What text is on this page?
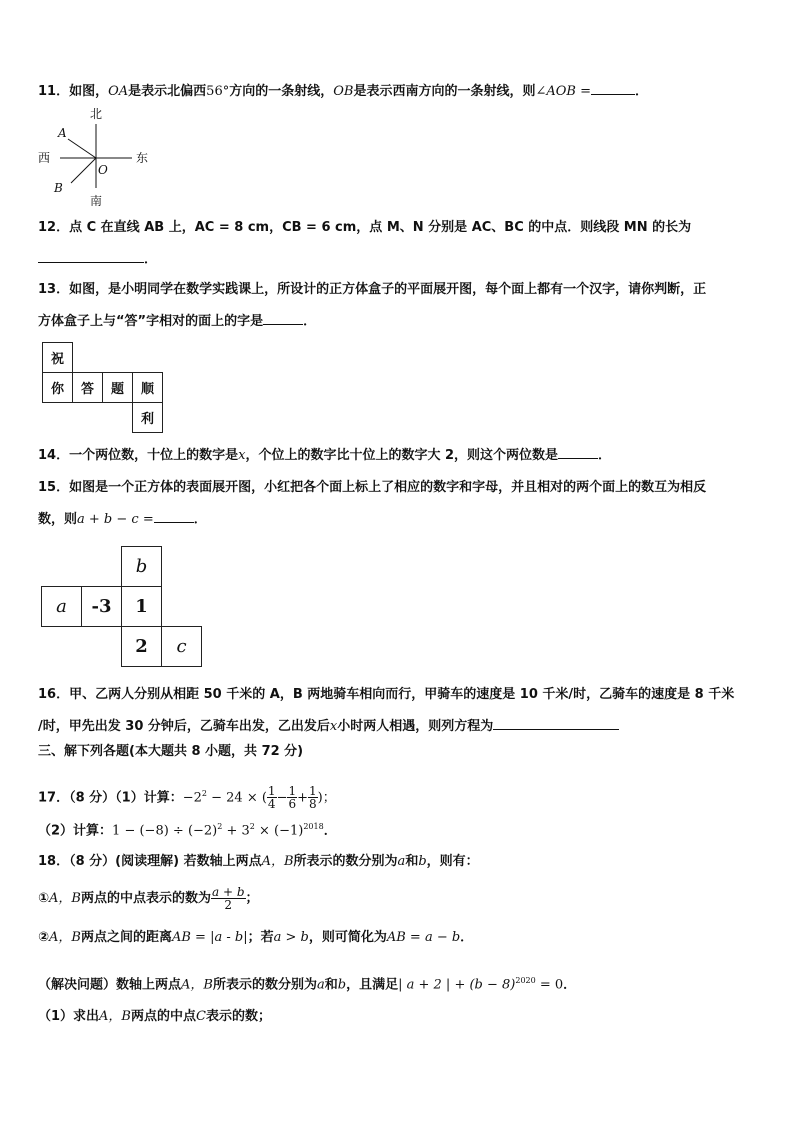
11．如图，OA是表示北偏西56°方向的一条射线，OB是表示西南方向的一条射线，则∠AOB =	．
北
南
西	东
A
B
O
12．点 C 在直线 AB 上，AC = 8 cm，CB = 6 cm，点 M、N 分别是 AC、BC 的中点．则线段 MN 的长为
．
13．如图，是小明同学在数学实践课上，所设计的正方体盒子的平面展开图，每个面上都有一个汉字，请你判断，正
方体盒子上与“答”字相对的面上的字是	．
祝			
你	答	题	顺
			利
14．一个两位数，十位上的数字是x，个位上的数字比十位上的数字大 2，则这个两位数是	．
15．如图是一个正方体的表面展开图，小红把各个面上标上了相应的数字和字母，并且相对的两个面上的数互为相反
数，则a + b − c =	．
		b	
a	-3	1	
		2	c
16．甲、乙两人分别从相距 50 千米的 A，B 两地骑车相向而行，甲骑车的速度是 10 千米/时，乙骑车的速度是 8 千米
/时，甲先出发 30 分钟后，乙骑车出发，乙出发后x小时两人相遇，则列方程为
三、解下列各题(本大题共 8 小题，共 72 分)
17．（8 分）（1）计算：$-2^2 - 24$ × ( $\frac{1}{4} - \frac{1}{6} + \frac{1}{8}$ )；
（2）计算：$1 - (-8) \div (-2)^2 + 3^2 \times (-1)^{2018}$．
18．（8 分）(阅读理解) 若数轴上两点A，B所表示的数分别为a和b，则有：
①A，B两点的中点表示的数为 $\frac{a + b}{2}$ ；
②A，B两点之间的距离AB = |a - b|；若a > b，则可简化为AB = a − b．
（解决问题）数轴上两点A，B所表示的数分别为a和b，且满足| a + 2 | + $(b - 8)^{2020} = 0$．
（1）求出A，B两点的中点C表示的数；
